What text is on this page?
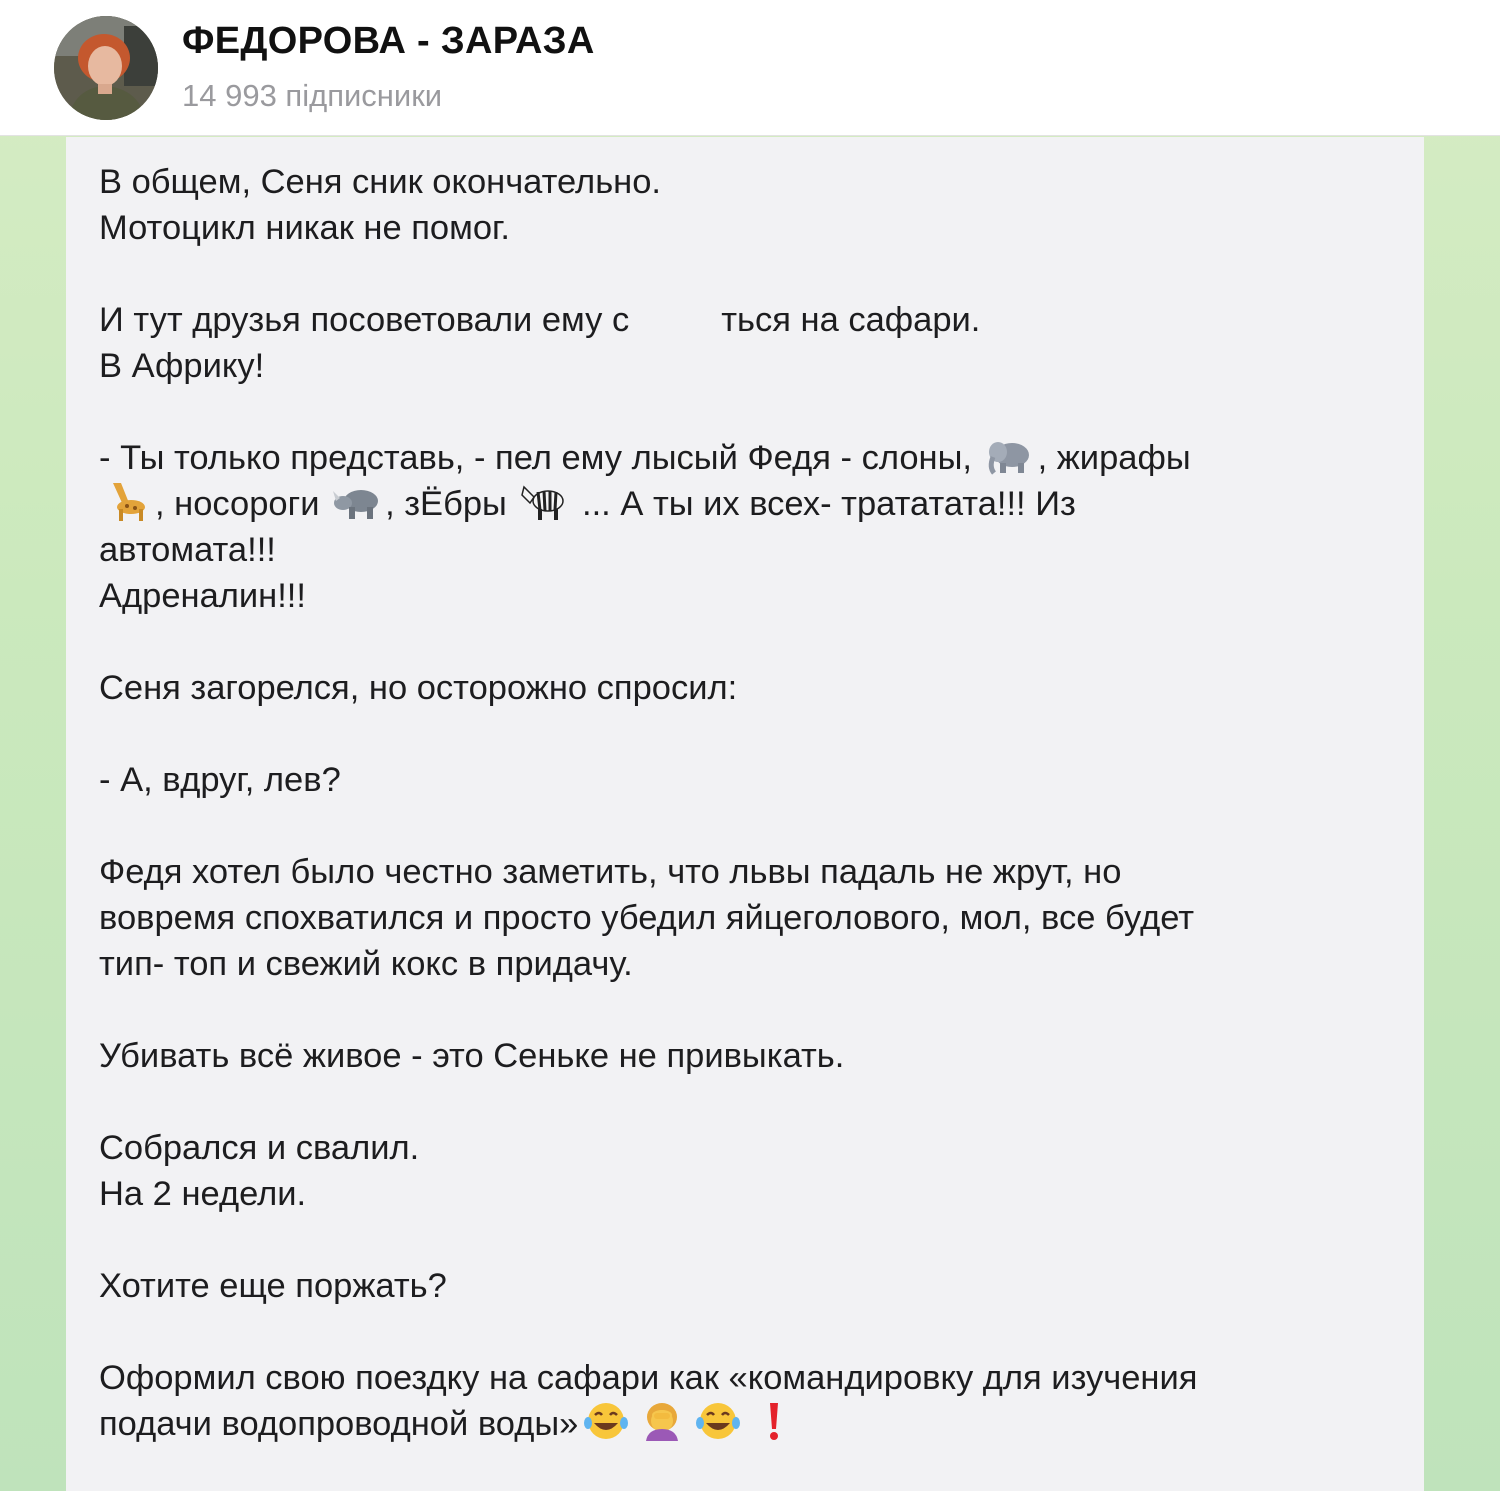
ФЕДОРОВА - ЗАРАЗА
14 993 підписники
В общем, Сеня сник окончательно.
Мотоцикл никак не помог.
И тут друзья посоветовали ему с	ться на сафари.
В Африку!
- Ты только представь, - пел ему лысый Федя - слоны, , жирафы
, носороги , зЁбры ... А ты их всех- трататата!!! Из
автомата!!!
Адреналин!!!
Сеня загорелся, но осторожно спросил:
- А, вдруг, лев?
Федя хотел было честно заметить, что львы падаль не жрут, но
вовремя спохватился и просто убедил яйцеголового, мол, все будет
тип- топ и свежий кокс в придачу.
Убивать всё живое - это Сеньке не привыкать.
Собрался и свалил.
На 2 недели.
Хотите еще поржать?
Оформил свою поездку на сафари как «командировку для изучения
подачи водопроводной воды»
